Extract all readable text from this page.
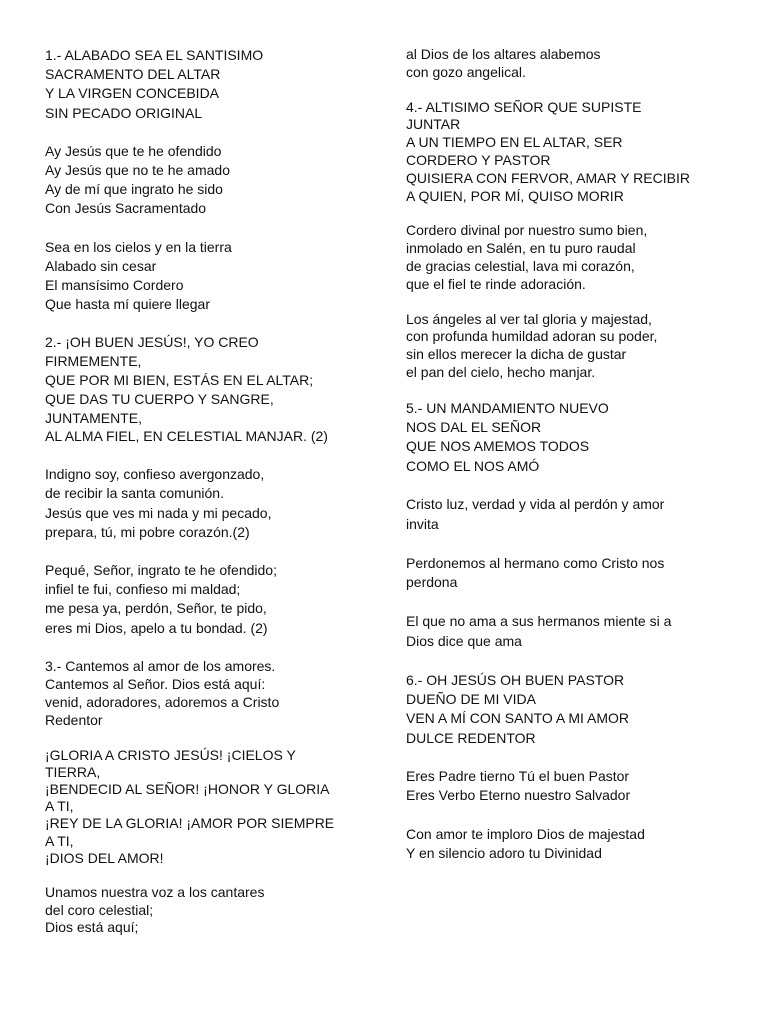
1.- ALABADO SEA EL SANTISIMO

SACRAMENTO DEL ALTAR

Y LA VIRGEN CONCEBIDA

SIN PECADO ORIGINAL

Ay Jesús que te he ofendido

Ay Jesús que no te he amado

Ay de mí que ingrato he sido

Con Jesús Sacramentado

Sea en los cielos y en la tierra

Alabado sin cesar

El mansísimo Cordero

Que hasta mí quiere llegar

2.- ¡OH BUEN JESÚS!, YO CREO

FIRMEMENTE,

QUE POR MI BIEN, ESTÁS EN EL ALTAR;

QUE DAS TU CUERPO Y SANGRE,

JUNTAMENTE,

AL ALMA FIEL, EN CELESTIAL MANJAR. (2)

Indigno soy, confieso avergonzado,

de recibir la santa comunión.

Jesús que ves mi nada y mi pecado,

prepara, tú, mi pobre corazón.(2)

Pequé, Señor, ingrato te he ofendido;

infiel te fui, confieso mi maldad;

me pesa ya, perdón, Señor, te pido,

eres mi Dios, apelo a tu bondad. (2)

3.- Cantemos al amor de los amores.

Cantemos al Señor. Dios está aquí:

venid, adoradores, adoremos a Cristo

Redentor

¡GLORIA A CRISTO JESÚS! ¡CIELOS Y

TIERRA,

¡BENDECID AL SEÑOR! ¡HONOR Y GLORIA

A TI,

¡REY DE LA GLORIA! ¡AMOR POR SIEMPRE

A TI,

¡DIOS DEL AMOR!

Unamos nuestra voz a los cantares

del coro celestial;

Dios está aquí;

al Dios de los altares alabemos

con gozo angelical.

4.- ALTISIMO SEÑOR QUE SUPISTE

JUNTAR

A UN TIEMPO EN EL ALTAR, SER

CORDERO Y PASTOR

QUISIERA CON FERVOR, AMAR Y RECIBIR

A QUIEN, POR MÍ, QUISO MORIR

Cordero divinal por nuestro sumo bien,

inmolado en Salén, en tu puro raudal

de gracias celestial, lava mi corazón,

que el fiel te rinde adoración.

Los ángeles al ver tal gloria y majestad,

con profunda humildad adoran su poder,

sin ellos merecer la dicha de gustar

el pan del cielo, hecho manjar.

5.- UN MANDAMIENTO NUEVO

NOS DAL EL SEÑOR

QUE NOS AMEMOS TODOS

COMO EL NOS AMÓ

Cristo luz, verdad y vida al perdón y amor

invita

Perdonemos al hermano como Cristo nos

perdona

El que no ama a sus hermanos miente si a

Dios dice que ama

6.- OH JESÚS OH BUEN PASTOR

DUEÑO DE MI VIDA

VEN A MÍ CON SANTO A MI AMOR

DULCE REDENTOR

Eres Padre tierno Tú el buen Pastor

Eres Verbo Eterno nuestro Salvador

Con amor te imploro Dios de majestad

Y en silencio adoro tu Divinidad
